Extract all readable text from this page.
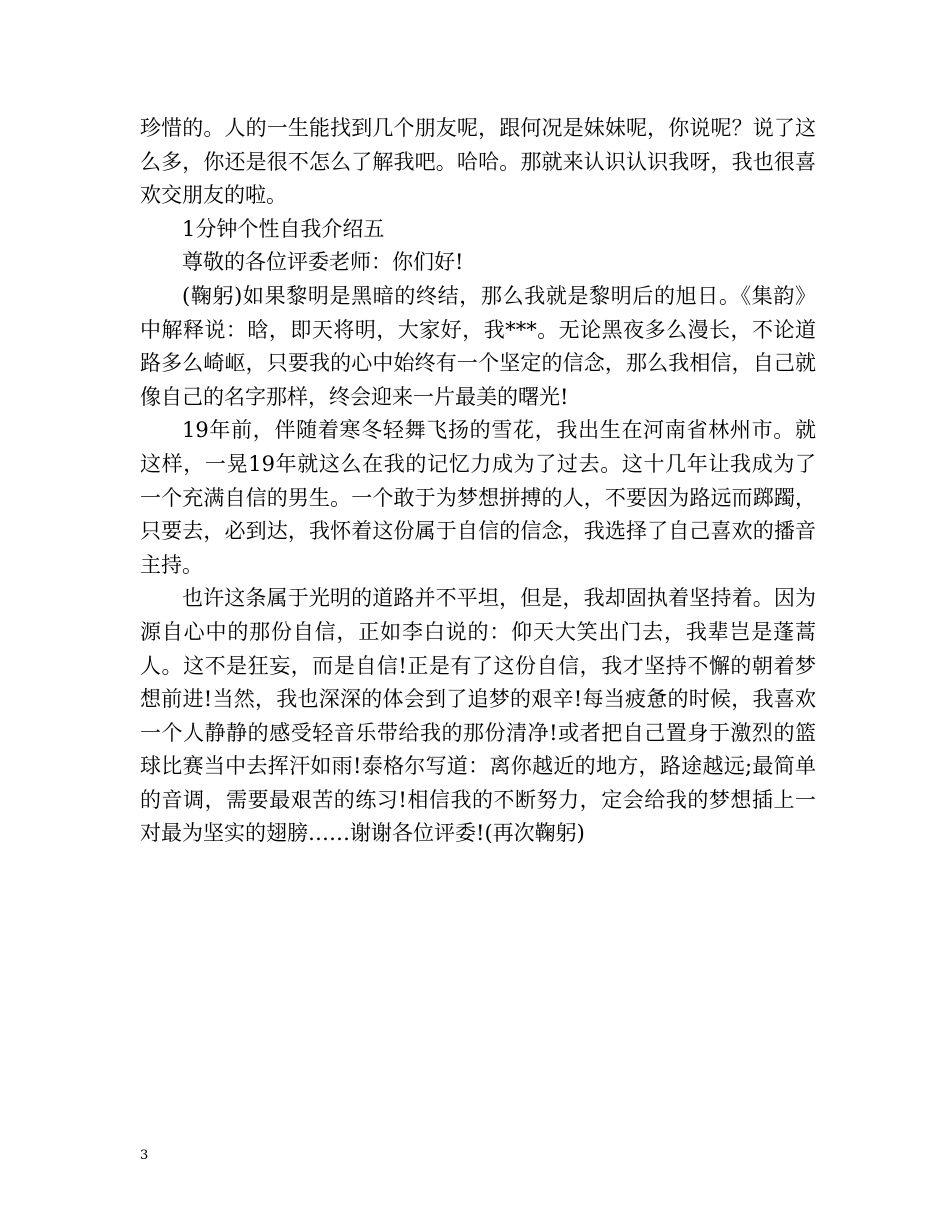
珍惜的。人的一生能找到几个朋友呢，跟何况是妹妹呢，你说呢？说了这么多，你还是很不怎么了解我吧。哈哈。那就来认识认识我呀，我也很喜欢交朋友的啦。

1分钟个性自我介绍五

尊敬的各位评委老师：你们好!

(鞠躬)如果黎明是黑暗的终结，那么我就是黎明后的旭日。《集韵》中解释说：晗，即天将明，大家好，我***。无论黑夜多么漫长，不论道路多么崎岖，只要我的心中始终有一个坚定的信念，那么我相信，自己就像自己的名字那样，终会迎来一片最美的曙光!

19年前，伴随着寒冬轻舞飞扬的雪花，我出生在河南省林州市。就这样，一晃19年就这么在我的记忆力成为了过去。这十几年让我成为了一个充满自信的男生。一个敢于为梦想拼搏的人，不要因为路远而踯躅，只要去，必到达，我怀着这份属于自信的信念，我选择了自己喜欢的播音主持。

也许这条属于光明的道路并不平坦，但是，我却固执着坚持着。因为源自心中的那份自信，正如李白说的：仰天大笑出门去，我辈岂是蓬蒿人。这不是狂妄，而是自信!正是有了这份自信，我才坚持不懈的朝着梦想前进!当然，我也深深的体会到了追梦的艰辛!每当疲惫的时候，我喜欢一个人静静的感受轻音乐带给我的那份清净!或者把自己置身于激烈的篮球比赛当中去挥汗如雨!泰格尔写道：离你越近的地方，路途越远;最简单的音调，需要最艰苦的练习!相信我的不断努力，定会给我的梦想插上一对最为坚实的翅膀……谢谢各位评委!(再次鞠躬)

3
